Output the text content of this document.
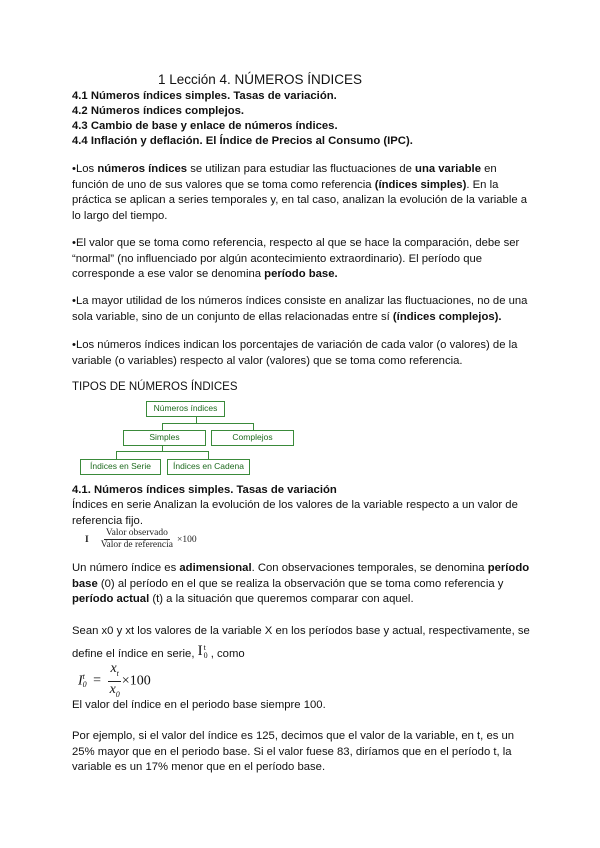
1 Lección 4. NÚMEROS ÍNDICES
4.1 Números índices simples. Tasas de variación.
4.2 Números índices complejos.
4.3 Cambio de base y enlace de números índices.
4.4 Inflación y deflación. El Índice de Precios al Consumo (IPC).

•Los números índices se utilizan para estudiar las fluctuaciones de una variable en función de uno de sus valores que se toma como referencia (índices simples). En la práctica se aplican a series temporales y, en tal caso, analizan la evolución de la variable a lo largo del tiempo.

•El valor que se toma como referencia, respecto al que se hace la comparación, debe ser “normal” (no influenciado por algún acontecimiento extraordinario). El período que corresponde a ese valor se denomina período base.

•La mayor utilidad de los números índices consiste en analizar las fluctuaciones, no de una sola variable, sino de un conjunto de ellas relacionadas entre sí (índices complejos).

•Los números índices indican los porcentajes de variación de cada valor (o valores) de la variable (o variables) respecto al valor (valores) que se toma como referencia.

TIPOS DE NÚMEROS ÍNDICES
Números índices
Simples	Complejos
Índices en Serie	Índices en Cadena
4.1. Números índices simples. Tasas de variación

Índices en serie Analizan la evolución de los valores de la variable respecto a un valor de referencia fijo.

I $\frac{\text{Valor observado}}{\text{Valor de referencia}} \times 100$

Un número índice es adimensional. Con observaciones temporales, se denomina período base (0) al período en el que se realiza la observación que se toma como referencia y período actual (t) a la situación que queremos comparar con aquel.

Sean x0 y xt los valores de la variable X en los períodos base y actual, respectivamente, se define el índice en serie, I t
0 , como

I t
$0 = \frac{x_t}{x_0} \times 100$

El valor del índice en el periodo base siempre 100.

Por ejemplo, si el valor del índice es 125, decimos que el valor de la variable, en t, es un 25% mayor que en el periodo base. Si el valor fuese 83, diríamos que en el período t, la variable es un 17% menor que en el período base.
